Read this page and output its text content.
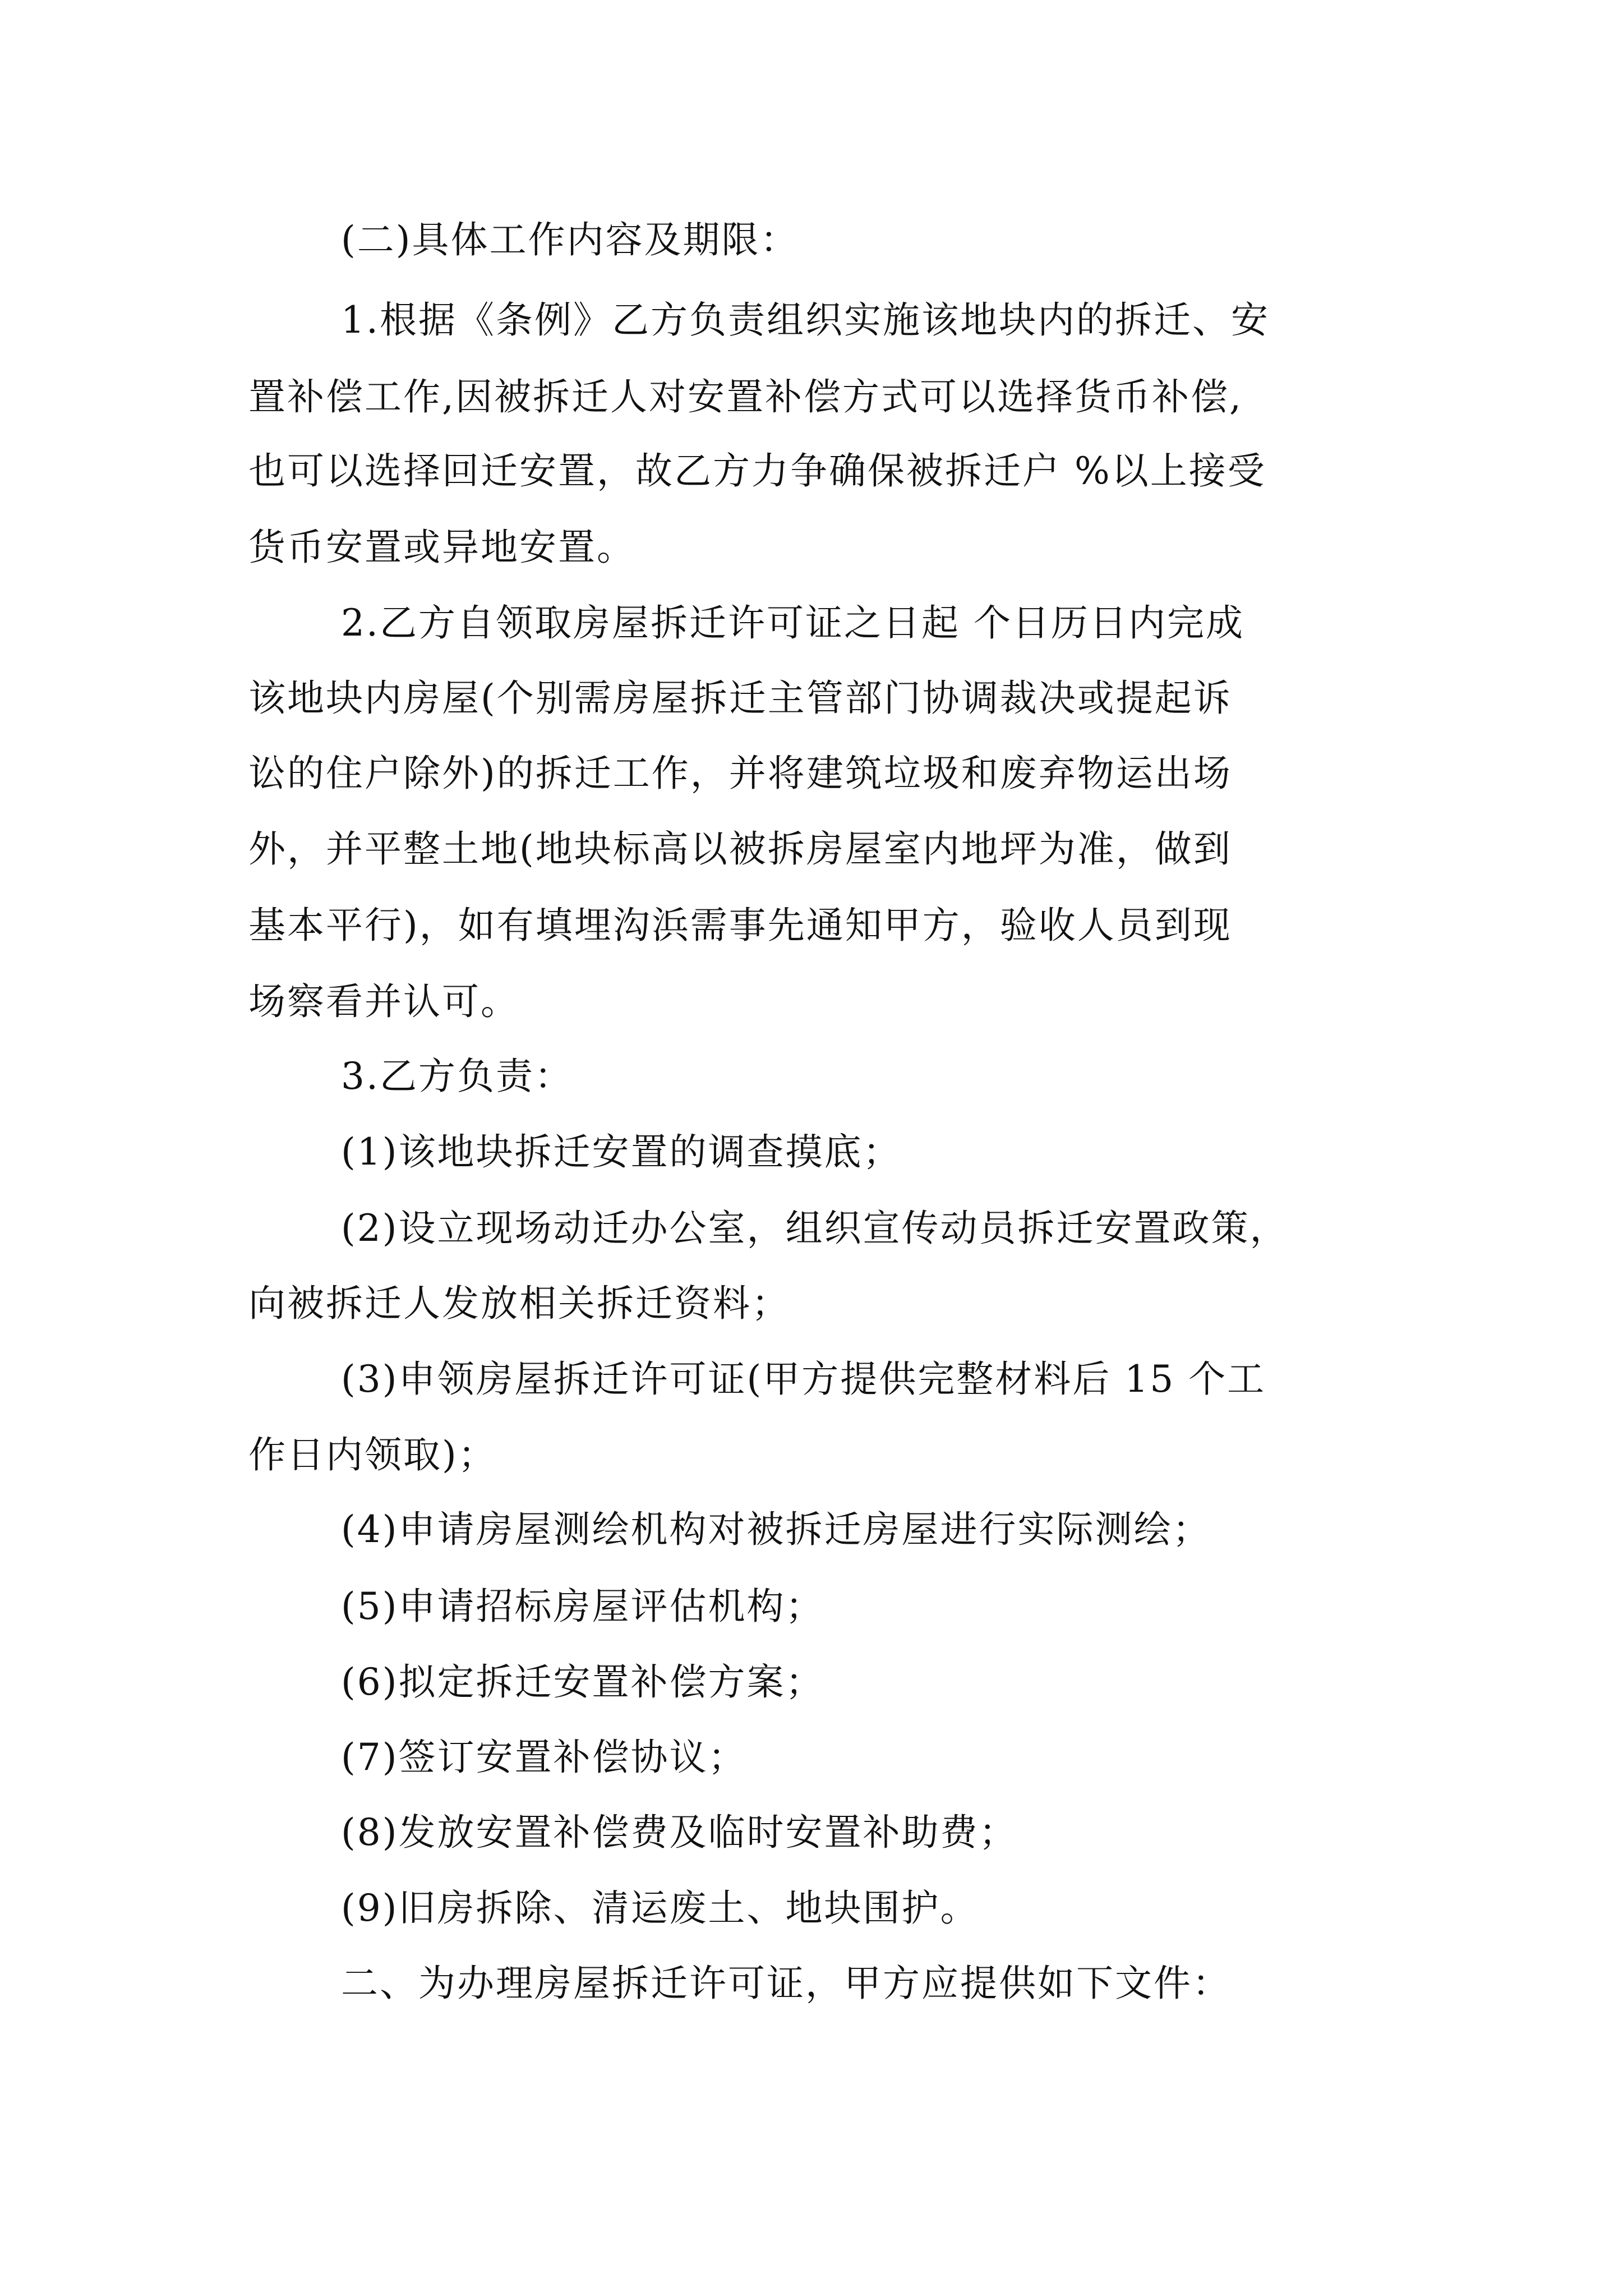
(二)具体工作内容及期限：
1.根据《条例》乙方负责组织实施该地块内的拆迁、安
置补偿工作,因被拆迁人对安置补偿方式可以选择货币补偿,
也可以选择回迁安置，故乙方力争确保被拆迁户 %以上接受
货币安置或异地安置。
2.乙方自领取房屋拆迁许可证之日起 个日历日内完成
该地块内房屋(个别需房屋拆迁主管部门协调裁决或提起诉
讼的住户除外)的拆迁工作，并将建筑垃圾和废弃物运出场
外，并平整土地(地块标高以被拆房屋室内地坪为准，做到
基本平行)，如有填埋沟浜需事先通知甲方，验收人员到现
场察看并认可。
3.乙方负责：
(1)该地块拆迁安置的调查摸底；
(2)设立现场动迁办公室，组织宣传动员拆迁安置政策，
向被拆迁人发放相关拆迁资料；
(3)申领房屋拆迁许可证(甲方提供完整材料后 15 个工
作日内领取)；
(4)申请房屋测绘机构对被拆迁房屋进行实际测绘；
(5)申请招标房屋评估机构；
(6)拟定拆迁安置补偿方案；
(7)签订安置补偿协议；
(8)发放安置补偿费及临时安置补助费；
(9)旧房拆除、清运废土、地块围护。
二、为办理房屋拆迁许可证，甲方应提供如下文件：
